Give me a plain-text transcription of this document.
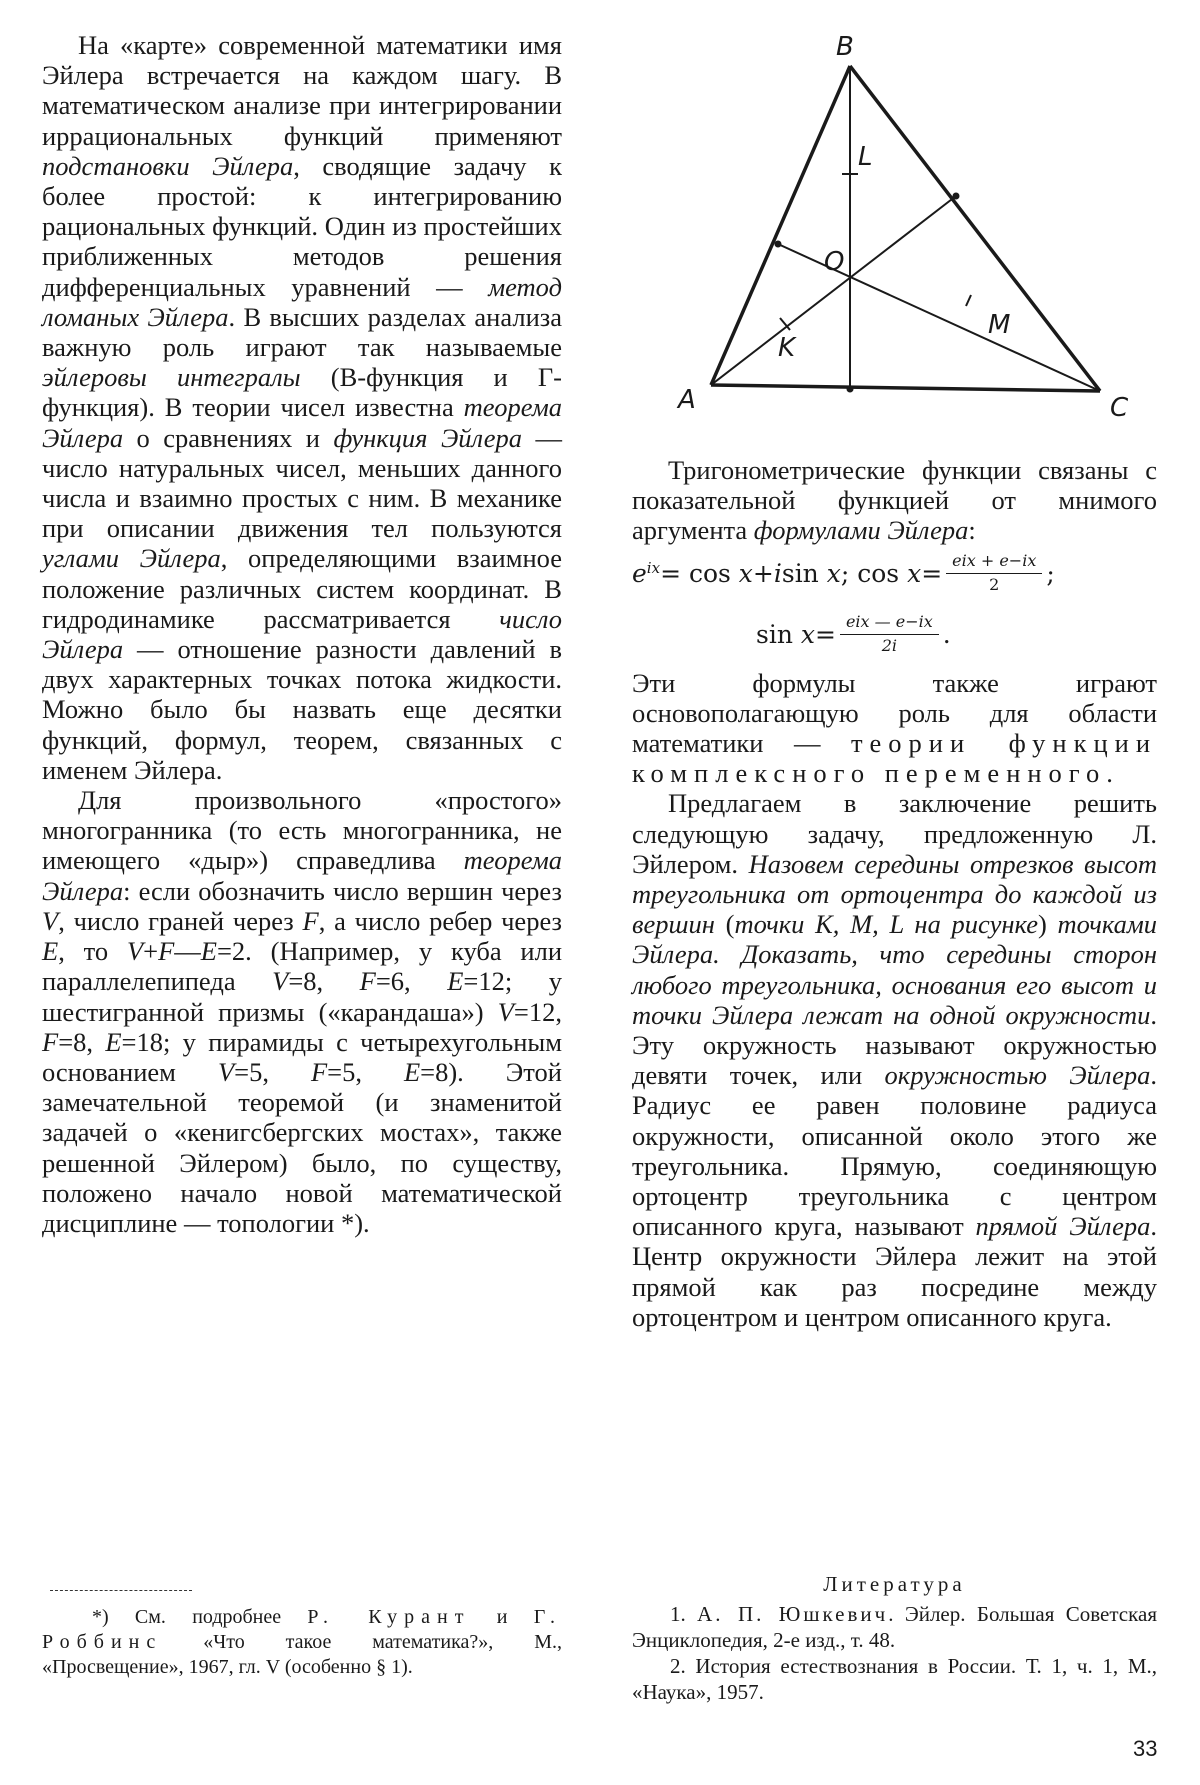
B
A	C
L
O
K
M

На «карте» современной математики имя Эйлера встречается на каждом шагу. В математическом анализе при интегрировании иррациональных функций применяют подстановки Эйлера, сводящие задачу к более простой: к интегрированию рациональных функций. Один из простейших приближенных методов решения дифференциальных уравнений — метод ломаных Эйлера. В высших разделах анализа важную роль играют так называемые эйлеровы интегралы (В-функция и Г-функция). В теории чисел известна теорема Эйлера о сравнениях и функция Эйлера — число натуральных чисел, меньших данного числа и взаимно простых с ним. В механике при описании движения тел пользуются углами Эйлера, определяющими взаимное положение различных систем координат. В гидродинамике рассматривается число Эйлера — отношение разности давлений в двух характерных точках потока жидкости. Можно было бы назвать еще десятки функций, формул, теорем, связанных с именем Эйлера.

Для произвольного «простого» многогранника (то есть многогранника, не имеющего «дыр») справедлива теорема Эйлера: если обозначить число вершин через V, число граней через F, а число ребер через E, то V+F—E=2. (Например, у куба или параллелепипеда V=8, F=6, E=12; у шестигранной призмы («карандаша») V=12, F=8, E=18; у пирамиды с четырехугольным основанием V=5, F=5, E=8). Этой замечательной теоремой (и знаменитой задачей о «кенигсбергских мостах», также решенной Эйлером) было, по существу, положено начало новой математической дисциплине — топологии *).

*) См. подробнее Р. Курант и Г. Роббинс «Что такое математика?», М., «Просвещение», 1967, гл. V (особенно § 1).

Тригонометрические функции связаны с показательной функцией от мнимого аргумента формулами Эйлера:

$e^{ix} = \cos$
x + i sin
x ; cos
$x = \frac{\text{eix + e−ix}}{2}$ ;
sin
$x = \frac{\text{eix — e−ix}}{2i}$ .

Эти формулы также играют основополагающую роль для области математики — теории функции комплексного переменного.

Предлагаем в заключение решить следующую задачу, предложенную Л. Эйлером. Назовем середины отрезков высот треугольника от ортоцентра до каждой из вершин (точки K, M, L на рисунке) точками Эйлера. Доказать, что середины сторон любого треугольника, основания его высот и точки Эйлера лежат на одной окружности. Эту окружность называют окружностью девяти точек, или окружностью Эйлера. Радиус ее равен половине радиуса окружности, описанной около этого же треугольника. Прямую, соединяющую ортоцентр треугольника с центром описанного круга, называют прямой Эйлера. Центр окружности Эйлера лежит на этой прямой как раз посредине между ортоцентром и центром описанного круга.

Литература

1. А. П. Юшкевич. Эйлер. Большая Советская Энциклопедия, 2-е изд., т. 48.

2. История естествознания в России. Т. 1, ч. 1, М., «Наука», 1957.

33
